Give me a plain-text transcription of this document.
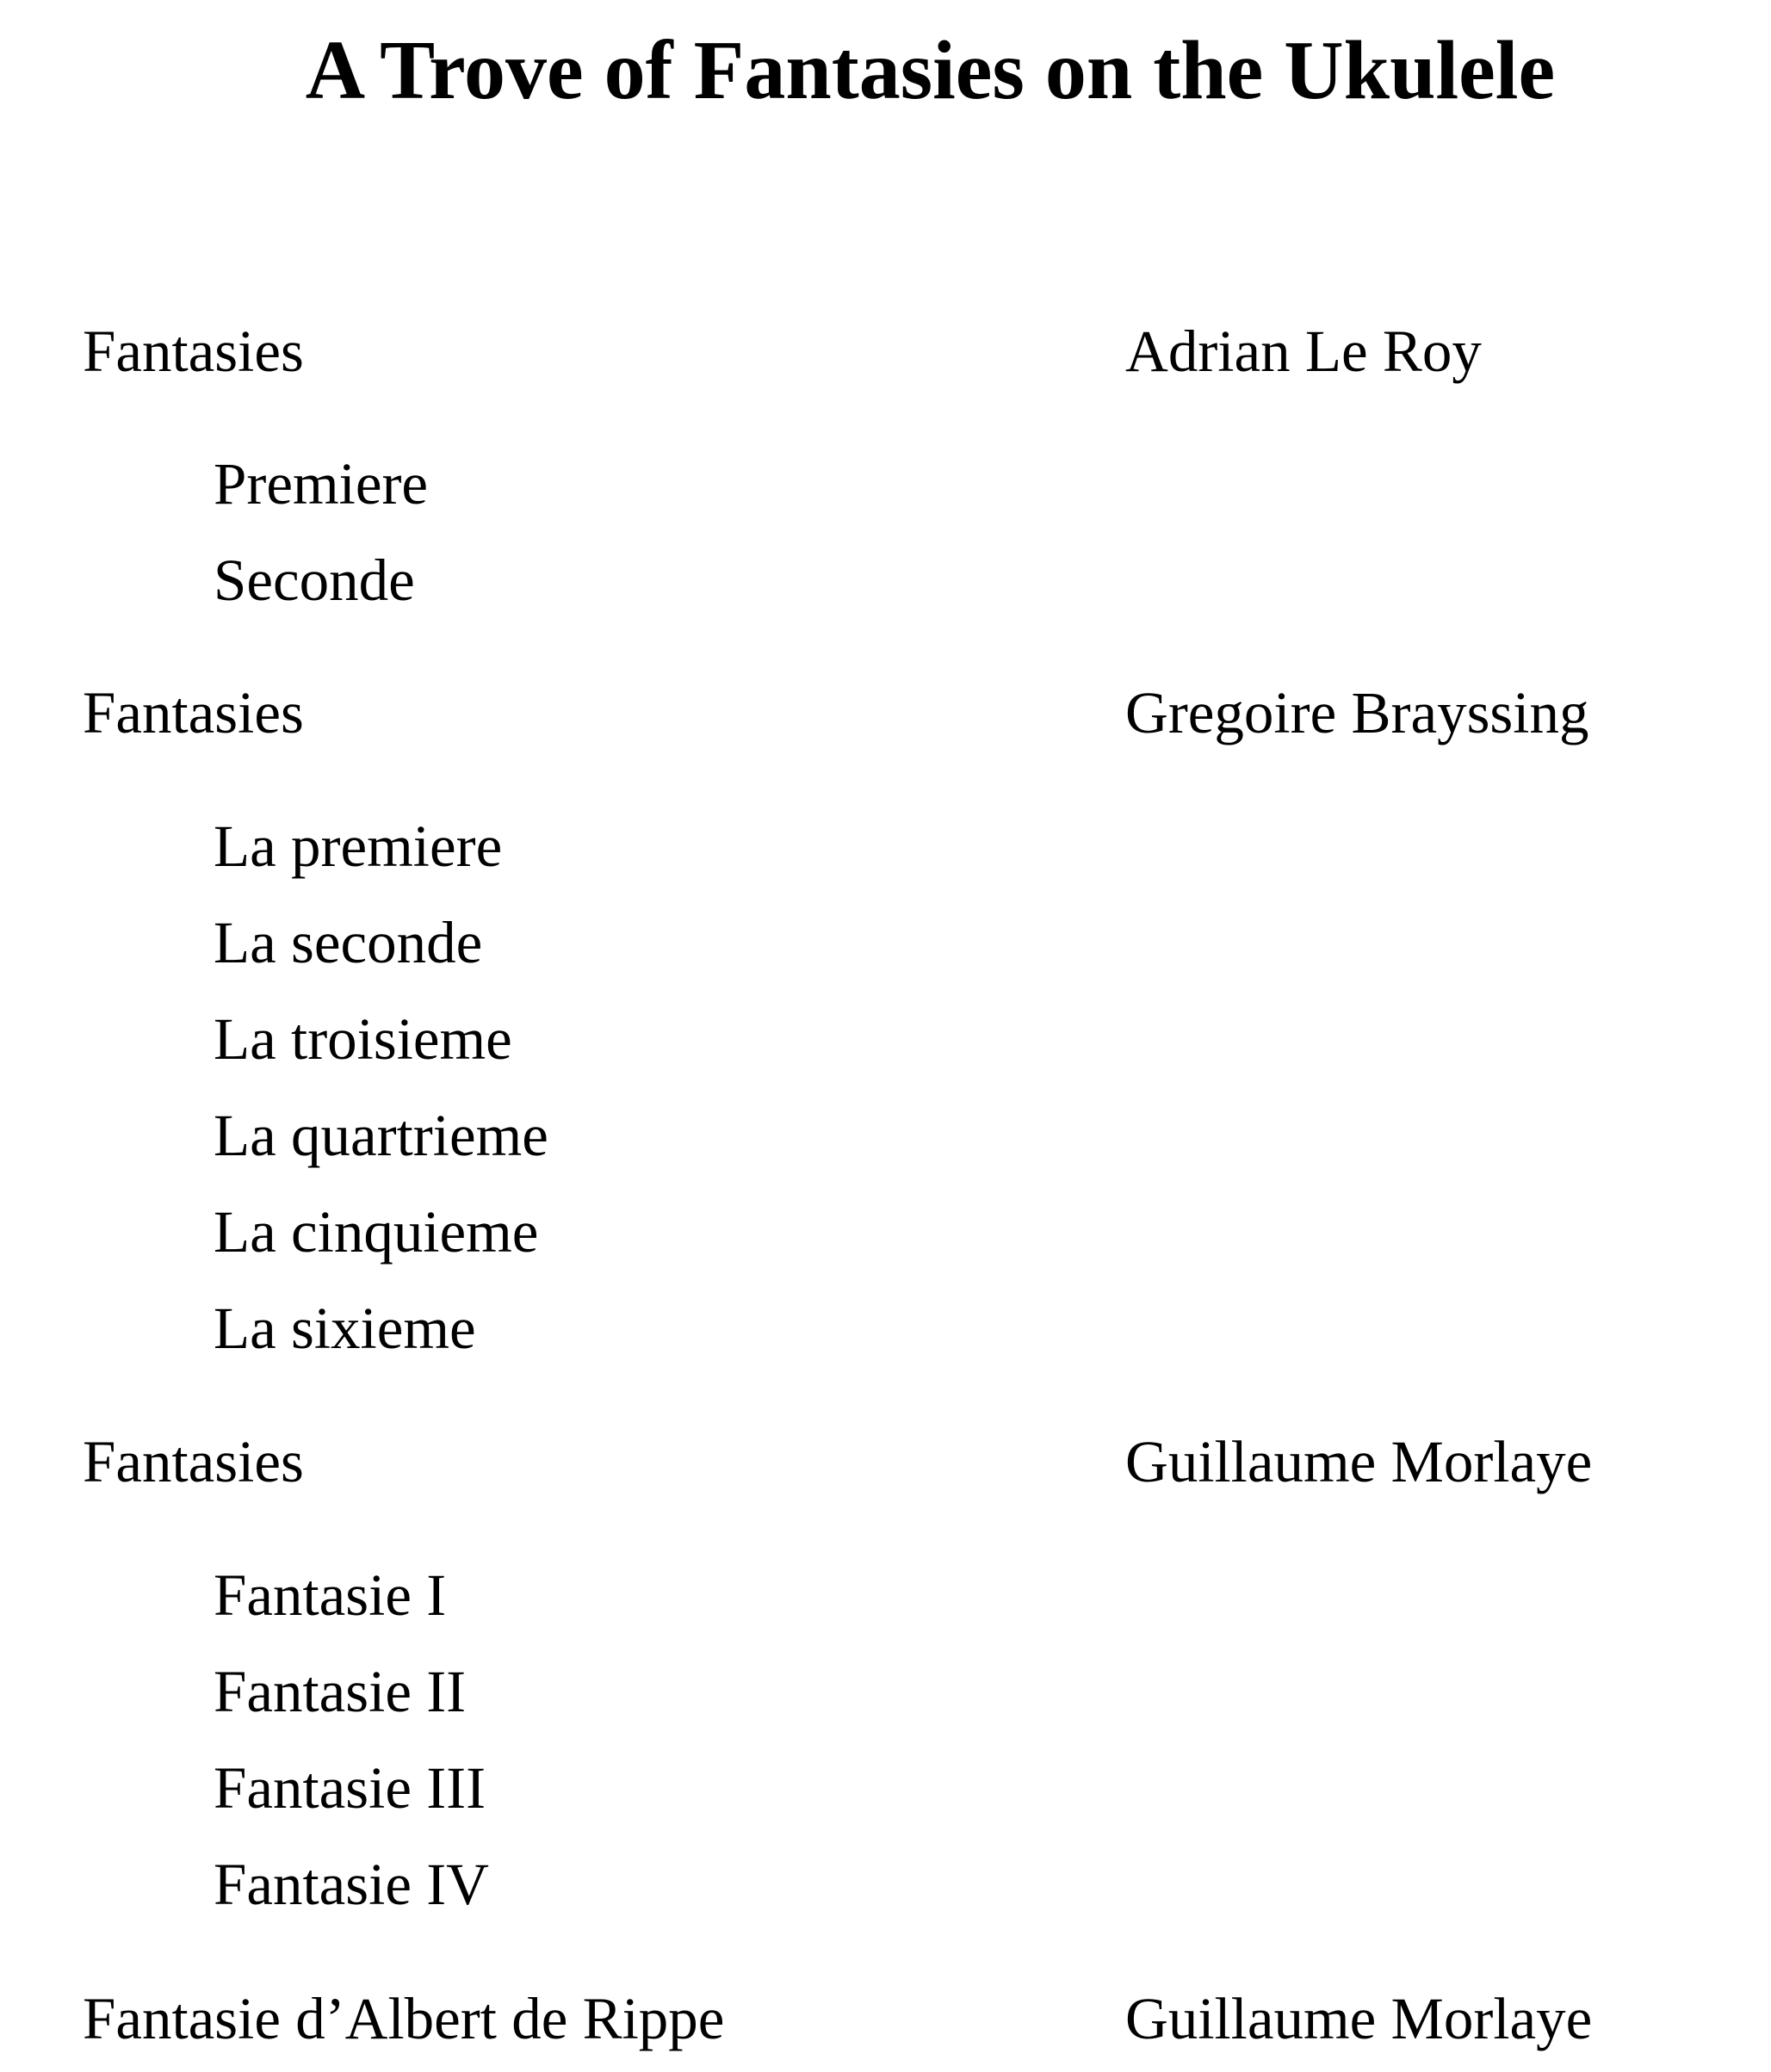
A Trove of Fantasies on the Ukulele
Fantasies	Adrian Le Roy
Premiere
Seconde
Fantasies	Gregoire Brayssing
La premiere
La seconde
La troisieme
La quartrieme
La cinquieme
La sixieme
Fantasies	Guillaume Morlaye
Fantasie I
Fantasie II
Fantasie III
Fantasie IV
Fantasie d’Albert de Rippe	Guillaume Morlaye
